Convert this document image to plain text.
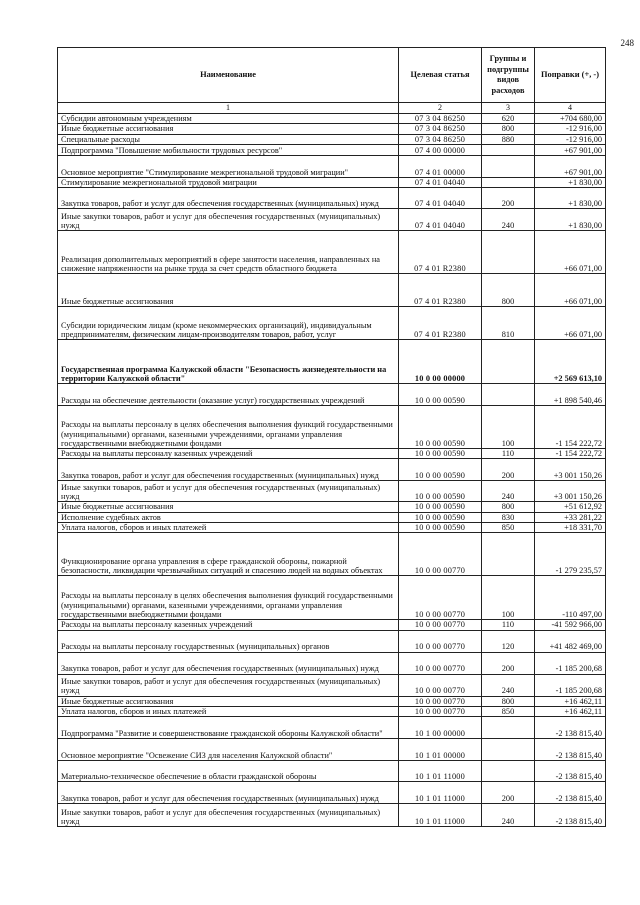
248
Наименование	Целевая статья	Группы и подгруппы видов расходов	Поправки (+, -)
1	2	3	4
Субсидии автономным учреждениям	07 3 04 86250	620	+704 680,00
Иные бюджетные ассигнования	07 3 04 86250	800	-12 916,00
Специальные расходы	07 3 04 86250	880	-12 916,00
Подпрограмма "Повышение мобильности трудовых ресурсов"	07 4 00 00000		+67 901,00
Основное мероприятие "Стимулирование межрегиональной трудовой миграции"	07 4 01 00000		+67 901,00
Стимулирование межрегиональной трудовой миграции	07 4 01 04040		+1 830,00
Закупка товаров, работ и услуг для обеспечения государственных (муниципальных) нужд	07 4 01 04040	200	+1 830,00
Иные закупки товаров, работ и услуг для обеспечения государственных (муниципальных) нужд	07 4 01 04040	240	+1 830,00
Реализация дополнительных мероприятий в сфере занятости населения, направленных на снижение напряженности на рынке труда за счет средств областного бюджета	07 4 01 R2380		+66 071,00
Иные бюджетные ассигнования	07 4 01 R2380	800	+66 071,00
Субсидии юридическим лицам (кроме некоммерческих организаций), индивидуальным предпринимателям, физическим лицам-производителям товаров, работ, услуг	07 4 01 R2380	810	+66 071,00
Государственная программа Калужской области "Безопасность жизнедеятельности на территории Калужской области"	10 0 00 00000		+2 569 613,10
Расходы на обеспечение деятельности (оказание услуг) государственных учреждений	10 0 00 00590		+1 898 540,46
Расходы на выплаты персоналу в целях обеспечения выполнения функций государственными (муниципальными) органами, казенными учреждениями, органами управления государственными внебюджетными фондами	10 0 00 00590	100	-1 154 222,72
Расходы на выплаты персоналу казенных учреждений	10 0 00 00590	110	-1 154 222,72
Закупка товаров, работ и услуг для обеспечения государственных (муниципальных) нужд	10 0 00 00590	200	+3 001 150,26
Иные закупки товаров, работ и услуг для обеспечения государственных (муниципальных) нужд	10 0 00 00590	240	+3 001 150,26
Иные бюджетные ассигнования	10 0 00 00590	800	+51 612,92
Исполнение судебных актов	10 0 00 00590	830	+33 281,22
Уплата налогов, сборов и иных платежей	10 0 00 00590	850	+18 331,70
Функционирование органа управления в сфере гражданской обороны, пожарной безопасности, ликвидации чрезвычайных ситуаций и спасению людей на водных объектах	10 0 00 00770		-1 279 235,57
Расходы на выплаты персоналу в целях обеспечения выполнения функций государственными (муниципальными) органами, казенными учреждениями, органами управления государственными внебюджетными фондами	10 0 00 00770	100	-110 497,00
Расходы на выплаты персоналу казенных учреждений	10 0 00 00770	110	-41 592 966,00
Расходы на выплаты персоналу государственных (муниципальных) органов	10 0 00 00770	120	+41 482 469,00
Закупка товаров, работ и услуг для обеспечения государственных (муниципальных) нужд	10 0 00 00770	200	-1 185 200,68
Иные закупки товаров, работ и услуг для обеспечения государственных (муниципальных) нужд	10 0 00 00770	240	-1 185 200,68
Иные бюджетные ассигнования	10 0 00 00770	800	+16 462,11
Уплата налогов, сборов и иных платежей	10 0 00 00770	850	+16 462,11
Подпрограмма "Развитие и совершенствование гражданской обороны Калужской области"	10 1 00 00000		-2 138 815,40
Основное мероприятие "Освежение СИЗ для населения Калужской области"	10 1 01 00000		-2 138 815,40
Материально-техническое обеспечение в области гражданской обороны	10 1 01 11000		-2 138 815,40
Закупка товаров, работ и услуг для обеспечения государственных (муниципальных) нужд	10 1 01 11000	200	-2 138 815,40
Иные закупки товаров, работ и услуг для обеспечения государственных (муниципальных) нужд	10 1 01 11000	240	-2 138 815,40
